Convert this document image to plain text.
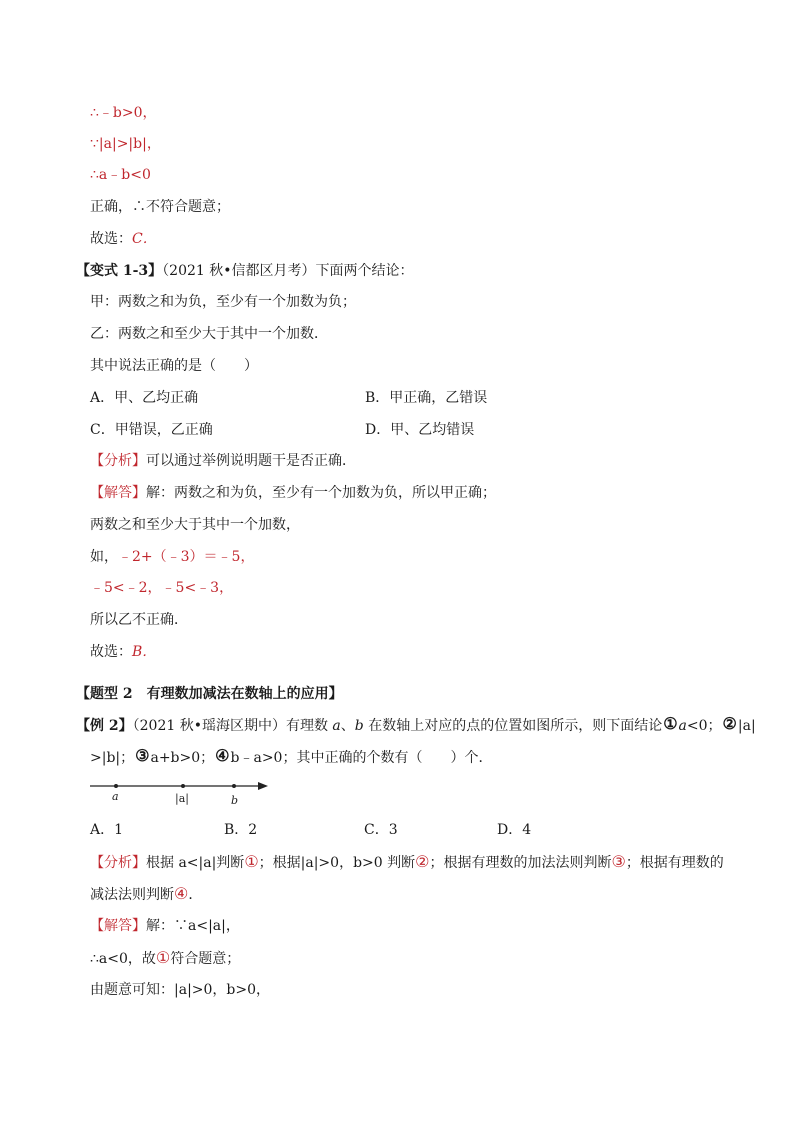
∴﹣b>0，
∵|a|>|b|，
∴a﹣b<0
正确，∴不符合题意；
故选：C．
【变式 1-3】（2021 秋•信都区月考）下面两个结论：
甲：两数之和为负，至少有一个加数为负；
乙：两数之和至少大于其中一个加数．
其中说法正确的是（　　）
A．甲、乙均正确	B．甲正确，乙错误
C．甲错误，乙正确	D．甲、乙均错误
【分析】可以通过举例说明题干是否正确．
【解答】解：两数之和为负，至少有一个加数为负，所以甲正确；
两数之和至少大于其中一个加数，
如，﹣2+（﹣3）＝﹣5，
﹣5<﹣2，﹣5<﹣3，
所以乙不正确．
故选：B．
【题型 2　有理数加减法在数轴上的应用】
【例 2】（2021 秋•瑶海区期中）有理数 a、b 在数轴上对应的点的位置如图所示，则下面结论①a<0；②|a|
>|b|；③a+b>0；④b﹣a>0；其中正确的个数有（　　）个．
a	|a|	b
A．1	B．2	C．3	D．4
【分析】根据 a<|a|判断①；根据|a|>0，b>0 判断②；根据有理数的加法法则判断③；根据有理数的
减法法则判断④．
【解答】解：∵a<|a|，
∴a<0，故①符合题意；
由题意可知：|a|>0，b>0，
